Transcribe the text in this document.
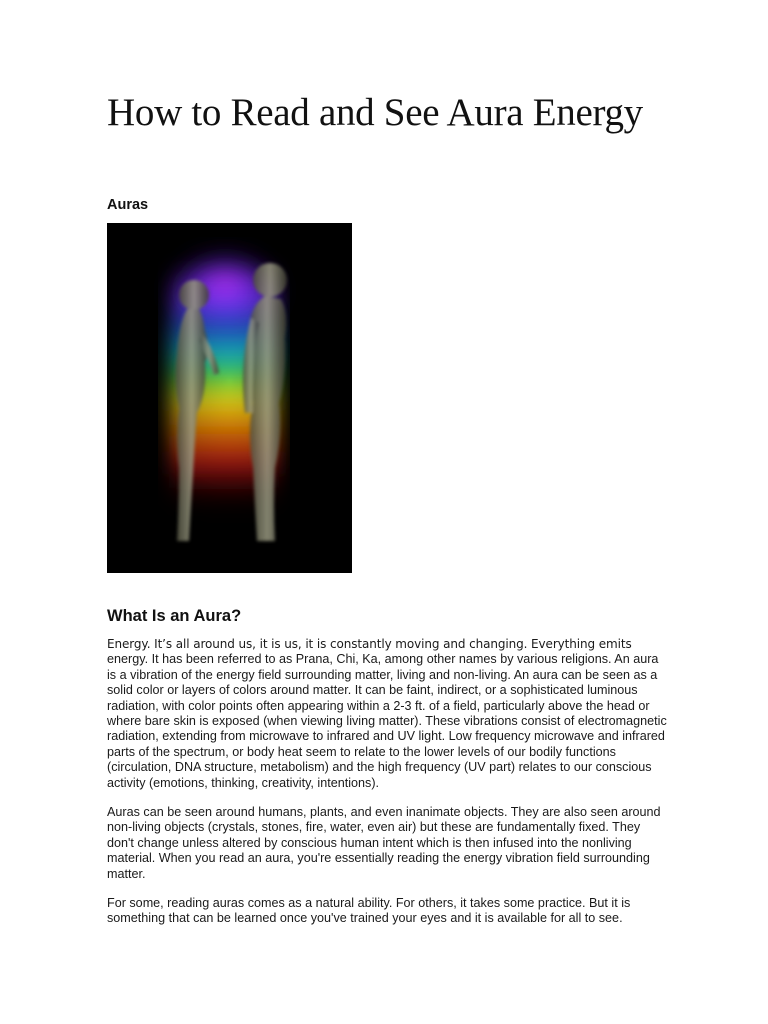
How to Read and See Aura Energy
Auras
What Is an Aura?

Energy. It’s all around us, it is us, it is constantly moving and changing. Everything emits energy. It has been referred to as Prana, Chi, Ka, among other names by various religions. An aura is a vibration of the energy field surrounding matter, living and non-living. An aura can be seen as a solid color or layers of colors around matter. It can be faint, indirect, or a sophisticated luminous radiation, with color points often appearing within a 2-3 ft. of a field, particularly above the head or where bare skin is exposed (when viewing living matter). These vibrations consist of electromagnetic radiation, extending from microwave to infrared and UV light. Low frequency microwave and infrared parts of the spectrum, or body heat seem to relate to the lower levels of our bodily functions (circulation, DNA structure, metabolism) and the high frequency (UV part) relates to our conscious activity (emotions, thinking, creativity, intentions).

Auras can be seen around humans, plants, and even inanimate objects. They are also seen around non-living objects (crystals, stones, fire, water, even air) but these are fundamentally fixed. They don't change unless altered by conscious human intent which is then infused into the nonliving material. When you read an aura, you're essentially reading the energy vibration field surrounding matter.

For some, reading auras comes as a natural ability. For others, it takes some practice. But it is something that can be learned once you've trained your eyes and it is available for all to see.
